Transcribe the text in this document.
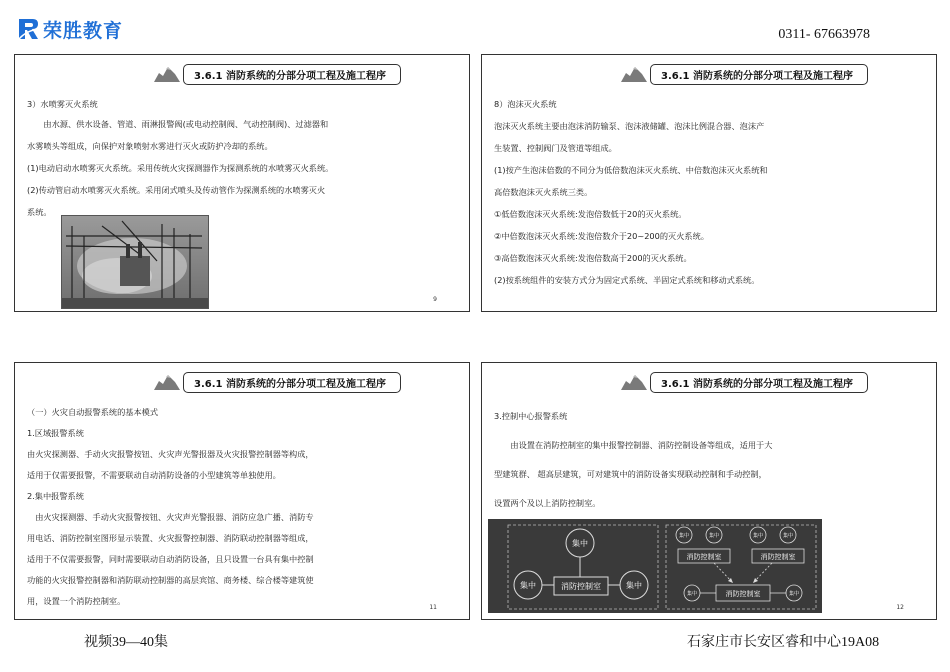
荣胜教育	0311- 67663978
3.6.1 消防系统的分部分项工程及施工程序
3）水喷雾灭火系统
　　由水源、供水设备、管道、雨淋报警阀(或电动控制阀、气动控制阀)、过滤器和
水雾喷头等组成，向保护对象喷射水雾进行灭火或防护冷却的系统。
(1)电动启动水喷雾灭火系统。采用传统火灾探测器作为探测系统的水喷雾灭火系统。
(2)传动管启动水喷雾灭火系统。采用闭式喷头及传动管作为探测系统的水喷雾灭火
系统。
9
3.6.1 消防系统的分部分项工程及施工程序
8）泡沫灭火系统
泡沫灭火系统主要由泡沫消防输泵、泡沫液储罐、泡沫比例混合器、泡沫产
生装置、控制阀门及管道等组成。
(1)按产生泡沫倍数的不同分为低倍数泡沫灭火系统、中倍数泡沫灭火系统和
高倍数泡沫灭火系统三类。
①低倍数泡沫灭火系统:发泡倍数低于20的灭火系统。
②中倍数泡沫灭火系统:发泡倍数介于20~200的灭火系统。
③高倍数泡沫灭火系统:发泡倍数高于200的灭火系统。
(2)按系统组件的安装方式分为固定式系统、半固定式系统和移动式系统。
3.6.1 消防系统的分部分项工程及施工程序
（一）火灾自动报警系统的基本模式
1.区域报警系统
由火灾探测器、手动火灾报警按钮、火灾声光警报器及火灾报警控制器等构成，
适用于仅需要报警，不需要联动自动消防设备的小型建筑等单独使用。
2.集中报警系统
　由火灾探测器、手动火灾报警按钮、火灾声光警报器、消防应急广播、消防专
用电话、消防控制室图形显示装置、火灾报警控制器、消防联动控制器等组成，
适用于不仅需要报警，同时需要联动自动消防设备，且只设置一台具有集中控制
功能的火灾报警控制器和消防联动控制器的高层宾馆、商务楼、综合楼等建筑使
用，设置一个消防控制室。
11
3.6.1 消防系统的分部分项工程及施工程序
3.控制中心报警系统
　　由设置在消防控制室的集中报警控制器、消防控制设备等组成，适用于大
型建筑群、 超高层建筑，可对建筑中的消防设备实现联动控制和手动控制，
设置两个及以上消防控制室。
集中
集中	集中
消防控制室
集中	集中	集中	集中
消防控制室	消防控制室
消防控制室
集中	集中
12
视频39—40集	石家庄市长安区睿和中心19A08
